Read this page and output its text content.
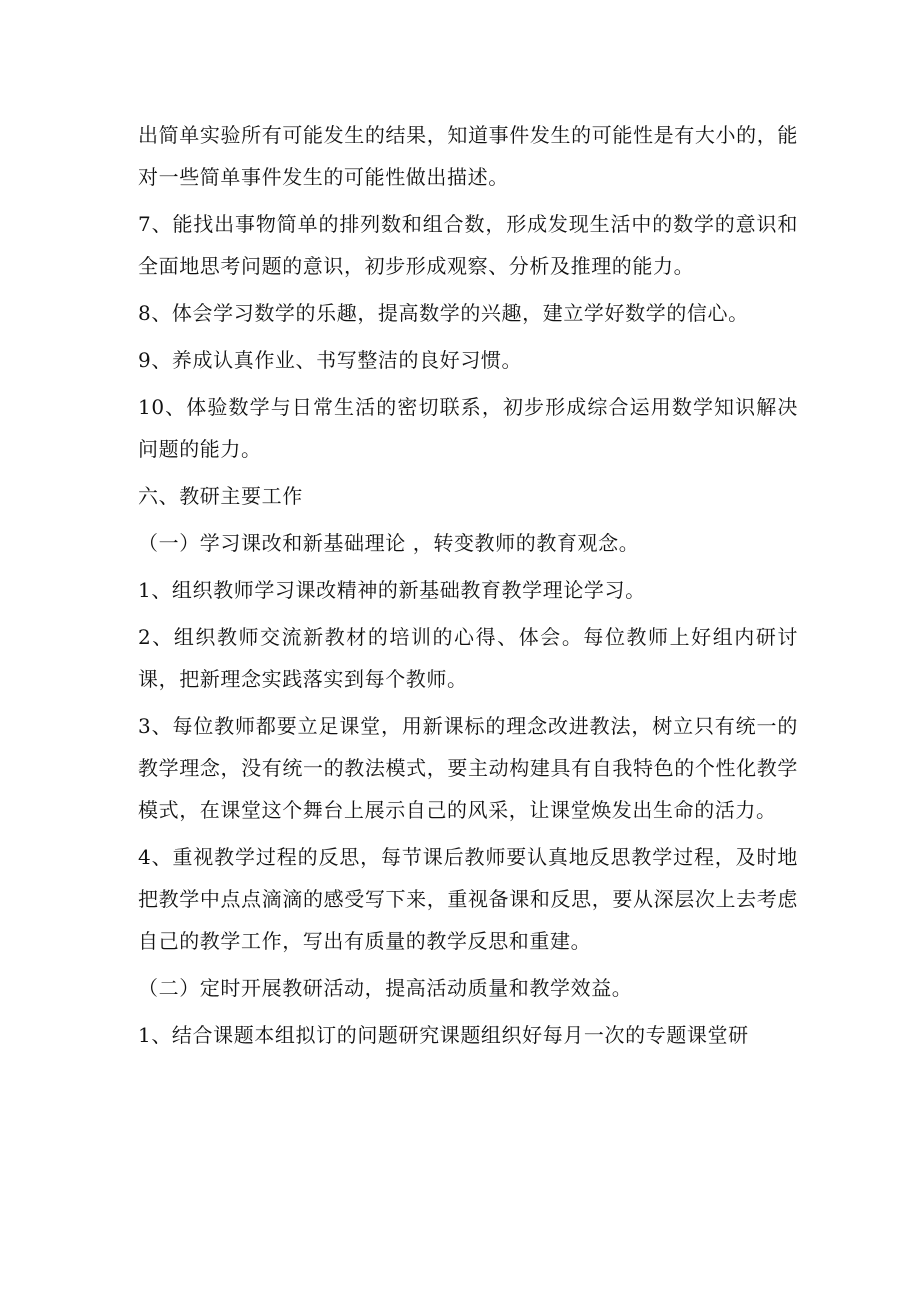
出简单实验所有可能发生的结果，知道事件发生的可能性是有大小的，能对一些简单事件发生的可能性做出描述。

7、能找出事物简单的排列数和组合数，形成发现生活中的数学的意识和全面地思考问题的意识，初步形成观察、分析及推理的能力。

8、体会学习数学的乐趣，提高数学的兴趣，建立学好数学的信心。

9、养成认真作业、书写整洁的良好习惯。

10、体验数学与日常生活的密切联系，初步形成综合运用数学知识解决问题的能力。

六、教研主要工作

（一）学习课改和新基础理论 ，转变教师的教育观念。

1、组织教师学习课改精神的新基础教育教学理论学习。

2、组织教师交流新教材的培训的心得、体会。每位教师上好组内研讨课，把新理念实践落实到每个教师。

3、每位教师都要立足课堂，用新课标的理念改进教法，树立只有统一的教学理念，没有统一的教法模式，要主动构建具有自我特色的个性化教学模式，在课堂这个舞台上展示自己的风采，让课堂焕发出生命的活力。

4、重视教学过程的反思，每节课后教师要认真地反思教学过程，及时地把教学中点点滴滴的感受写下来，重视备课和反思，要从深层次上去考虑自己的教学工作，写出有质量的教学反思和重建。

（二）定时开展教研活动，提高活动质量和教学效益。

1、结合课题本组拟订的问题研究课题组织好每月一次的专题课堂研
